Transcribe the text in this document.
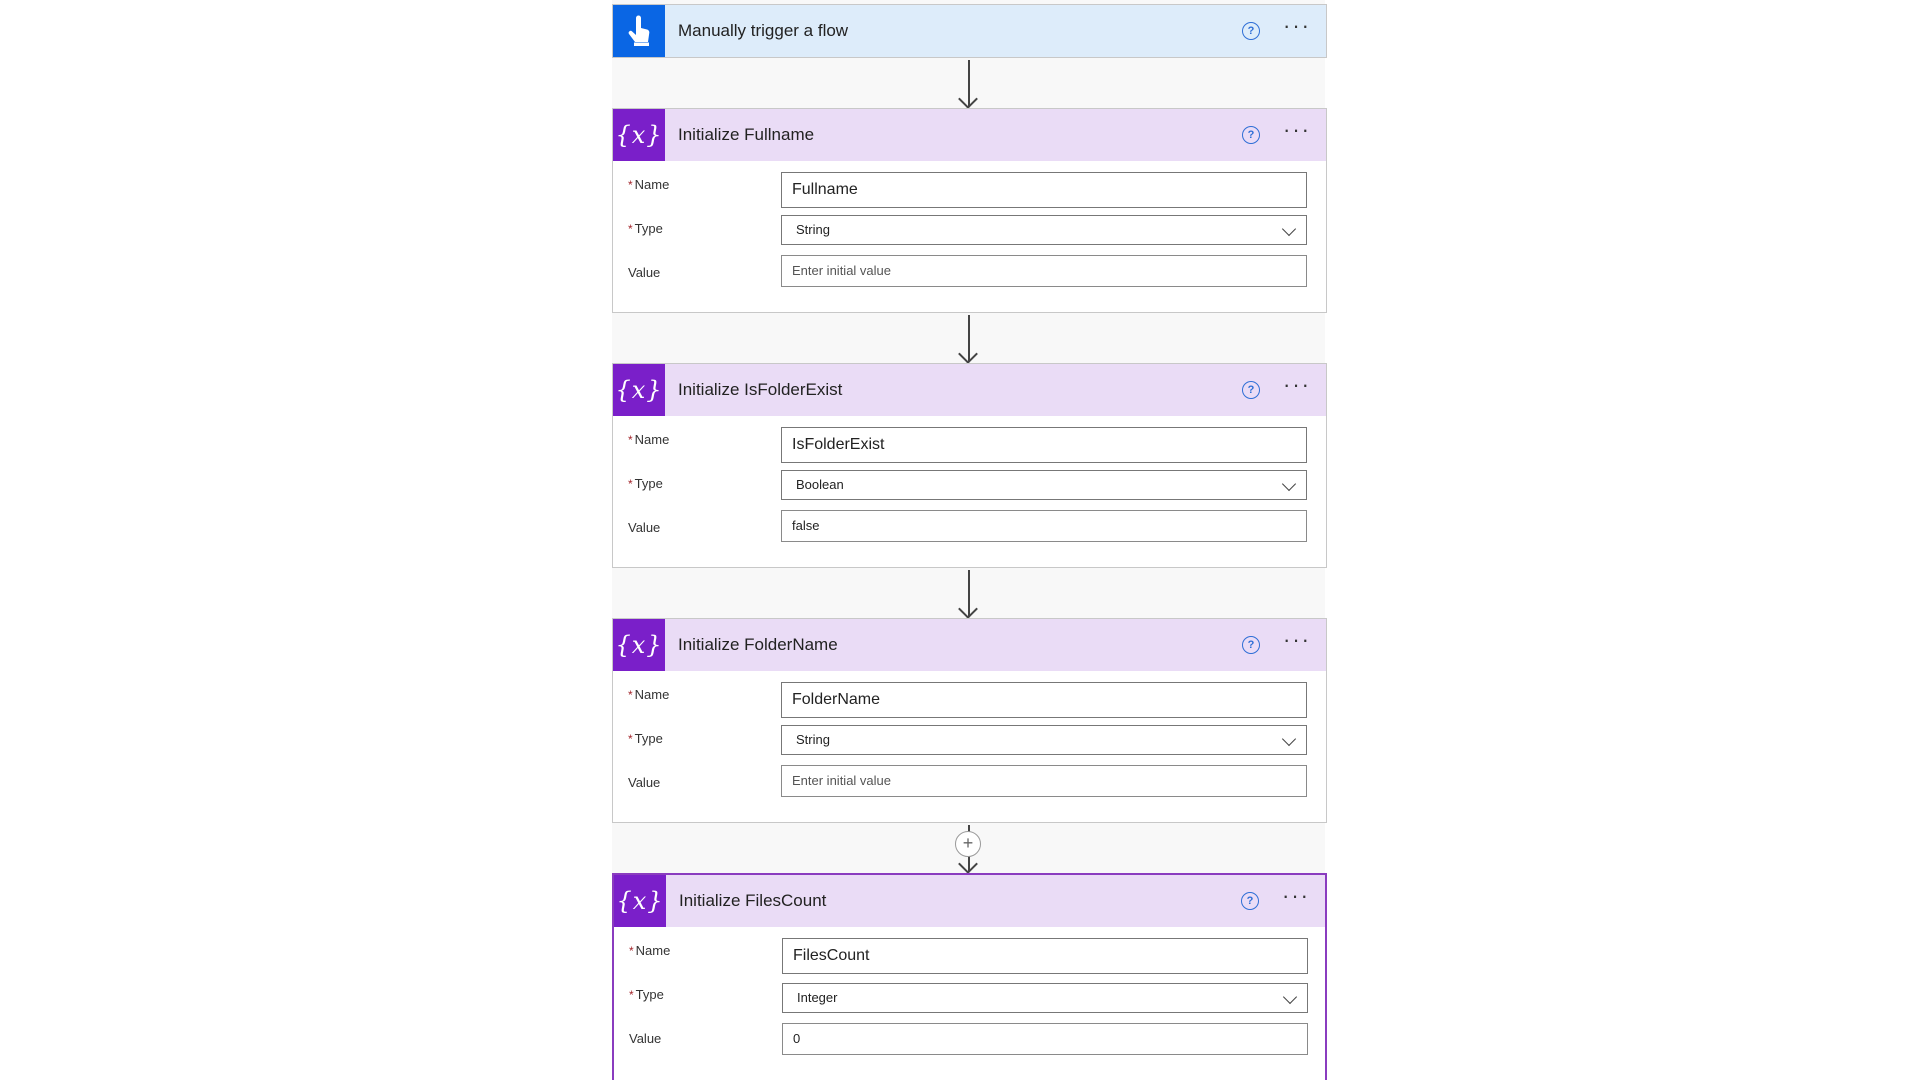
Manually trigger a flow	? ···
{x} Initialize Fullname	? ···
* Name	Fullname
* Type	String
Value	Enter initial value
{x} Initialize IsFolderExist	? ···
* Name	IsFolderExist
* Type	Boolean
Value	false
{x} Initialize FolderName	? ···
* Name	FolderName
* Type	String
Value	Enter initial value
+
{x} Initialize FilesCount	? ···
* Name	FilesCount
* Type	Integer
Value	0
